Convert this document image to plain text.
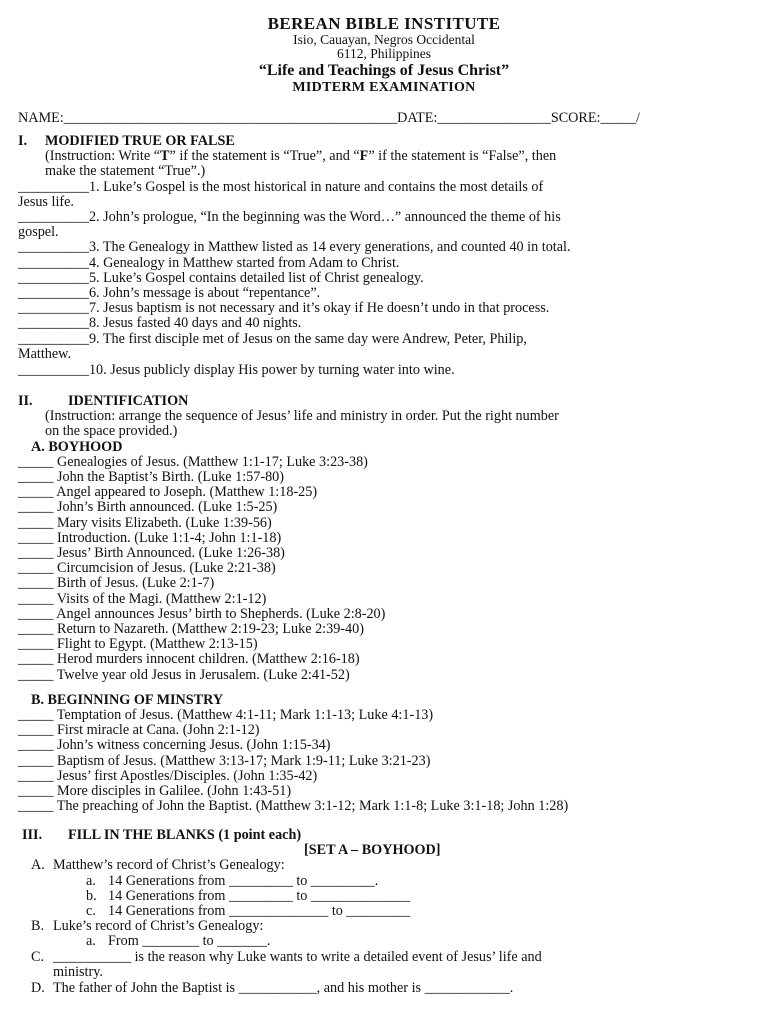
BEREAN BIBLE INSTITUTE
Isio, Cauayan, Negros Occidental
6112, Philippines
“Life and Teachings of Jesus Christ”
MIDTERM EXAMINATION
NAME:_______________________________________________DATE:________________SCORE:_____/
I. MODIFIED TRUE OR FALSE
(Instruction: Write “T” if the statement is “True”, and “F” if the statement is “False”, then
make the statement “True”.)
__________1. Luke’s Gospel is the most historical in nature and contains the most details of
Jesus life.
__________2. John’s prologue, “In the beginning was the Word…” announced the theme of his
gospel.
__________3. The Genealogy in Matthew listed as 14 every generations, and counted 40 in total.
__________4. Genealogy in Matthew started from Adam to Christ.
__________5. Luke’s Gospel contains detailed list of Christ genealogy.
__________6. John’s message is about “repentance”.
__________7. Jesus baptism is not necessary and it’s okay if He doesn’t undo in that process.
__________8. Jesus fasted 40 days and 40 nights.
__________9. The first disciple met of Jesus on the same day were Andrew, Peter, Philip,
Matthew.
__________10. Jesus publicly display His power by turning water into wine.
II. IDENTIFICATION
(Instruction: arrange the sequence of Jesus’ life and ministry in order. Put the right number
on the space provided.)
A. BOYHOOD
_____ Genealogies of Jesus. (Matthew 1:1-17; Luke 3:23-38)
_____ John the Baptist’s Birth. (Luke 1:57-80)
_____ Angel appeared to Joseph. (Matthew 1:18-25)
_____ John’s Birth announced. (Luke 1:5-25)
_____ Mary visits Elizabeth. (Luke 1:39-56)
_____ Introduction. (Luke 1:1-4; John 1:1-18)
_____ Jesus’ Birth Announced. (Luke 1:26-38)
_____ Circumcision of Jesus. (Luke 2:21-38)
_____ Birth of Jesus. (Luke 2:1-7)
_____ Visits of the Magi. (Matthew 2:1-12)
_____ Angel announces Jesus’ birth to Shepherds. (Luke 2:8-20)
_____ Return to Nazareth. (Matthew 2:19-23; Luke 2:39-40)
_____ Flight to Egypt. (Matthew 2:13-15)
_____ Herod murders innocent children. (Matthew 2:16-18)
_____ Twelve year old Jesus in Jerusalem. (Luke 2:41-52)
B. BEGINNING OF MINSTRY
_____ Temptation of Jesus. (Matthew 4:1-11; Mark 1:1-13; Luke 4:1-13)
_____ First miracle at Cana. (John 2:1-12)
_____ John’s witness concerning Jesus. (John 1:15-34)
_____ Baptism of Jesus. (Matthew 3:13-17; Mark 1:9-11; Luke 3:21-23)
_____ Jesus’ first Apostles/Disciples. (John 1:35-42)
_____ More disciples in Galilee. (John 1:43-51)
_____ The preaching of John the Baptist. (Matthew 3:1-12; Mark 1:1-8; Luke 3:1-18; John 1:28)
III. FILL IN THE BLANKS (1 point each)
[SET A – BOYHOOD]
A. Matthew’s record of Christ’s Genealogy:
a. 14 Generations from _________ to _________.
b. 14 Generations from _________ to ______________
c. 14 Generations from ______________ to _________
B. Luke’s record of Christ’s Genealogy:
a. From ________ to _______.
C. ___________ is the reason why Luke wants to write a detailed event of Jesus’ life and
ministry.
D. The father of John the Baptist is ___________, and his mother is ____________.
